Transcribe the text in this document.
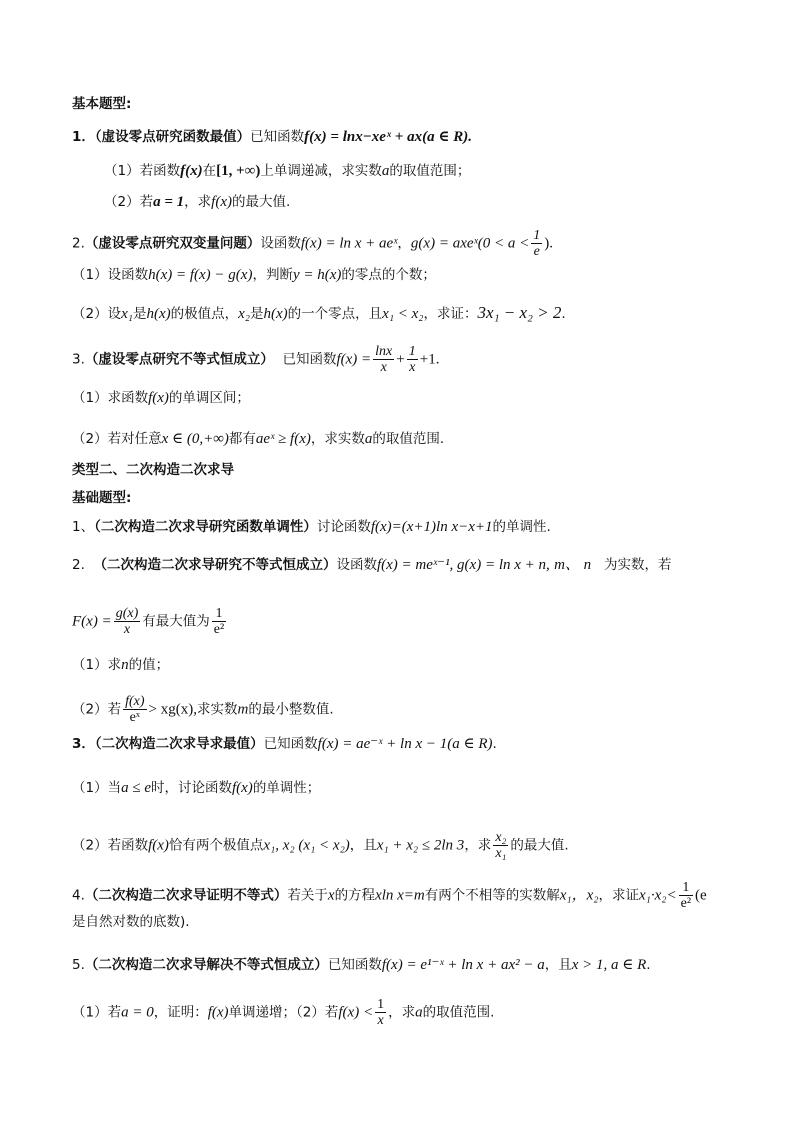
基本题型:
1．（虚设零点研究函数最值）已知函数f(x) = lnx−xeˣ + ax(a ∈ R).
（1）若函数f(x)在[1, +∞)上单调递减，求实数a的取值范围；
（2）若a = 1，求f(x)的最大值.
2.（虚设零点研究双变量问题）设函数f(x) = ln x + aeˣ，g(x) = axeˣ(0 < $a < \frac{1}{e}$ ).
（1）设函数h(x) = f(x) − g(x)，判断y = h(x)的零点的个数；
（2）设x₁是h(x)的极值点，x₂是h(x)的一个零点，且x₁ < x₂，求证：3x₁ − x₂ > 2.
3.（虚设零点研究不等式恒成立） 已知函数$f(x) = \frac{\ln x}{x} + \frac{1}{x} +1$.
（1）求函数f(x)的单调区间；
（2）若对任意x ∈ (0,+∞)都有aeˣ ≥ f(x)，求实数a的取值范围.
类型二、二次构造二次求导
基础题型:
1、（二次构造二次求导研究函数单调性）讨论函数f(x)=(x+1)ln x−x+1的单调性.
2. （二次构造二次求导研究不等式恒成立）设函数f(x) = meˣ⁻¹, g(x) = ln x + n, m、 n 为实数，若
$F(x) = \frac{g(x)}{x}$ 有最大值为 $\frac{1}{\text{e²}}$
（1）求n的值；
（2）若 $\frac{f(x)}{\text{eˣ}} > xg(x)$,求实数m的最小整数值.
3．（二次构造二次求导求最值）已知函数f(x) = ae⁻ˣ + ln x − 1(a ∈ R).
（1）当a ≤ e时，讨论函数f(x)的单调性；
（2）若函数f(x)恰有两个极值点x₁, x₂ (x₁ < x₂)，且x₁ + x₂ ≤ 2ln 3，求 $\frac{\text{x₂}}{\text{x₁}}$ 的最大值.
4.（二次构造二次求导证明不等式）若关于x的方程xln x=m有两个不相等的实数解x₁，x₂，求证$x_1\cdot x_2< \frac{1}{\text{e²}} (e$
是自然对数的底数).
5.（二次构造二次求导解决不等式恒成立）已知函数f(x) = e¹⁻ˣ + ln x + ax² − a，且x > 1, a ∈ R.
（1）若a = 0，证明：f(x)单调递增；（2）若$f(x) < \frac{1}{x}$ ，求a的取值范围.
